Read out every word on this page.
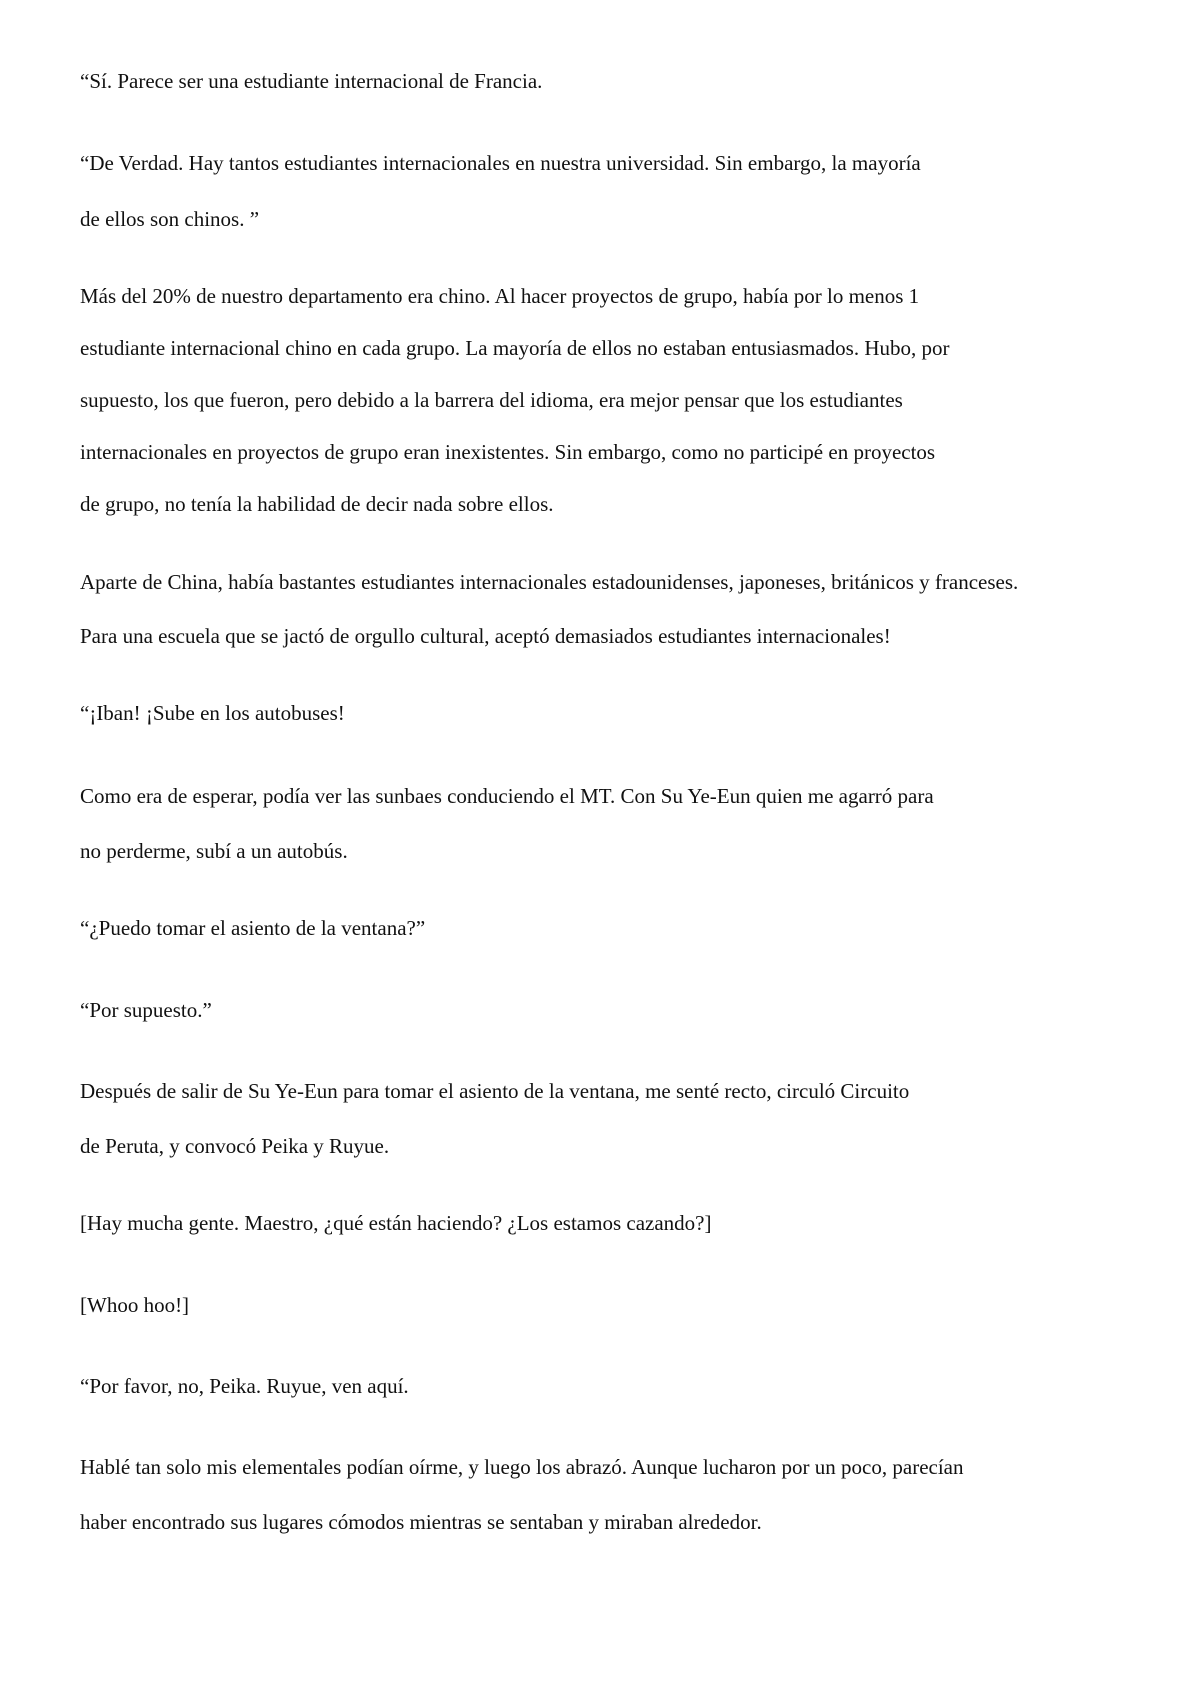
“Sí. Parece ser una estudiante internacional de Francia.

“De Verdad. Hay tantos estudiantes internacionales en nuestra universidad. Sin embargo, la mayoría

de ellos son chinos. ”

Más del 20% de nuestro departamento era chino. Al hacer proyectos de grupo, había por lo menos 1

estudiante internacional chino en cada grupo. La mayoría de ellos no estaban entusiasmados. Hubo, por

supuesto, los que fueron, pero debido a la barrera del idioma, era mejor pensar que los estudiantes

internacionales en proyectos de grupo eran inexistentes. Sin embargo, como no participé en proyectos

de grupo, no tenía la habilidad de decir nada sobre ellos.

Aparte de China, había bastantes estudiantes internacionales estadounidenses, japoneses, británicos y franceses.

Para una escuela que se jactó de orgullo cultural, aceptó demasiados estudiantes internacionales!

“¡Iban! ¡Sube en los autobuses!

Como era de esperar, podía ver las sunbaes conduciendo el MT. Con Su Ye-Eun quien me agarró para

no perderme, subí a un autobús.

“¿Puedo tomar el asiento de la ventana?”

“Por supuesto.”

Después de salir de Su Ye-Eun para tomar el asiento de la ventana, me senté recto, circuló Circuito

de Peruta, y convocó Peika y Ruyue.

[Hay mucha gente. Maestro, ¿qué están haciendo? ¿Los estamos cazando?]

[Whoo hoo!]

“Por favor, no, Peika. Ruyue, ven aquí.

Hablé tan solo mis elementales podían oírme, y luego los abrazó. Aunque lucharon por un poco, parecían

haber encontrado sus lugares cómodos mientras se sentaban y miraban alrededor.
